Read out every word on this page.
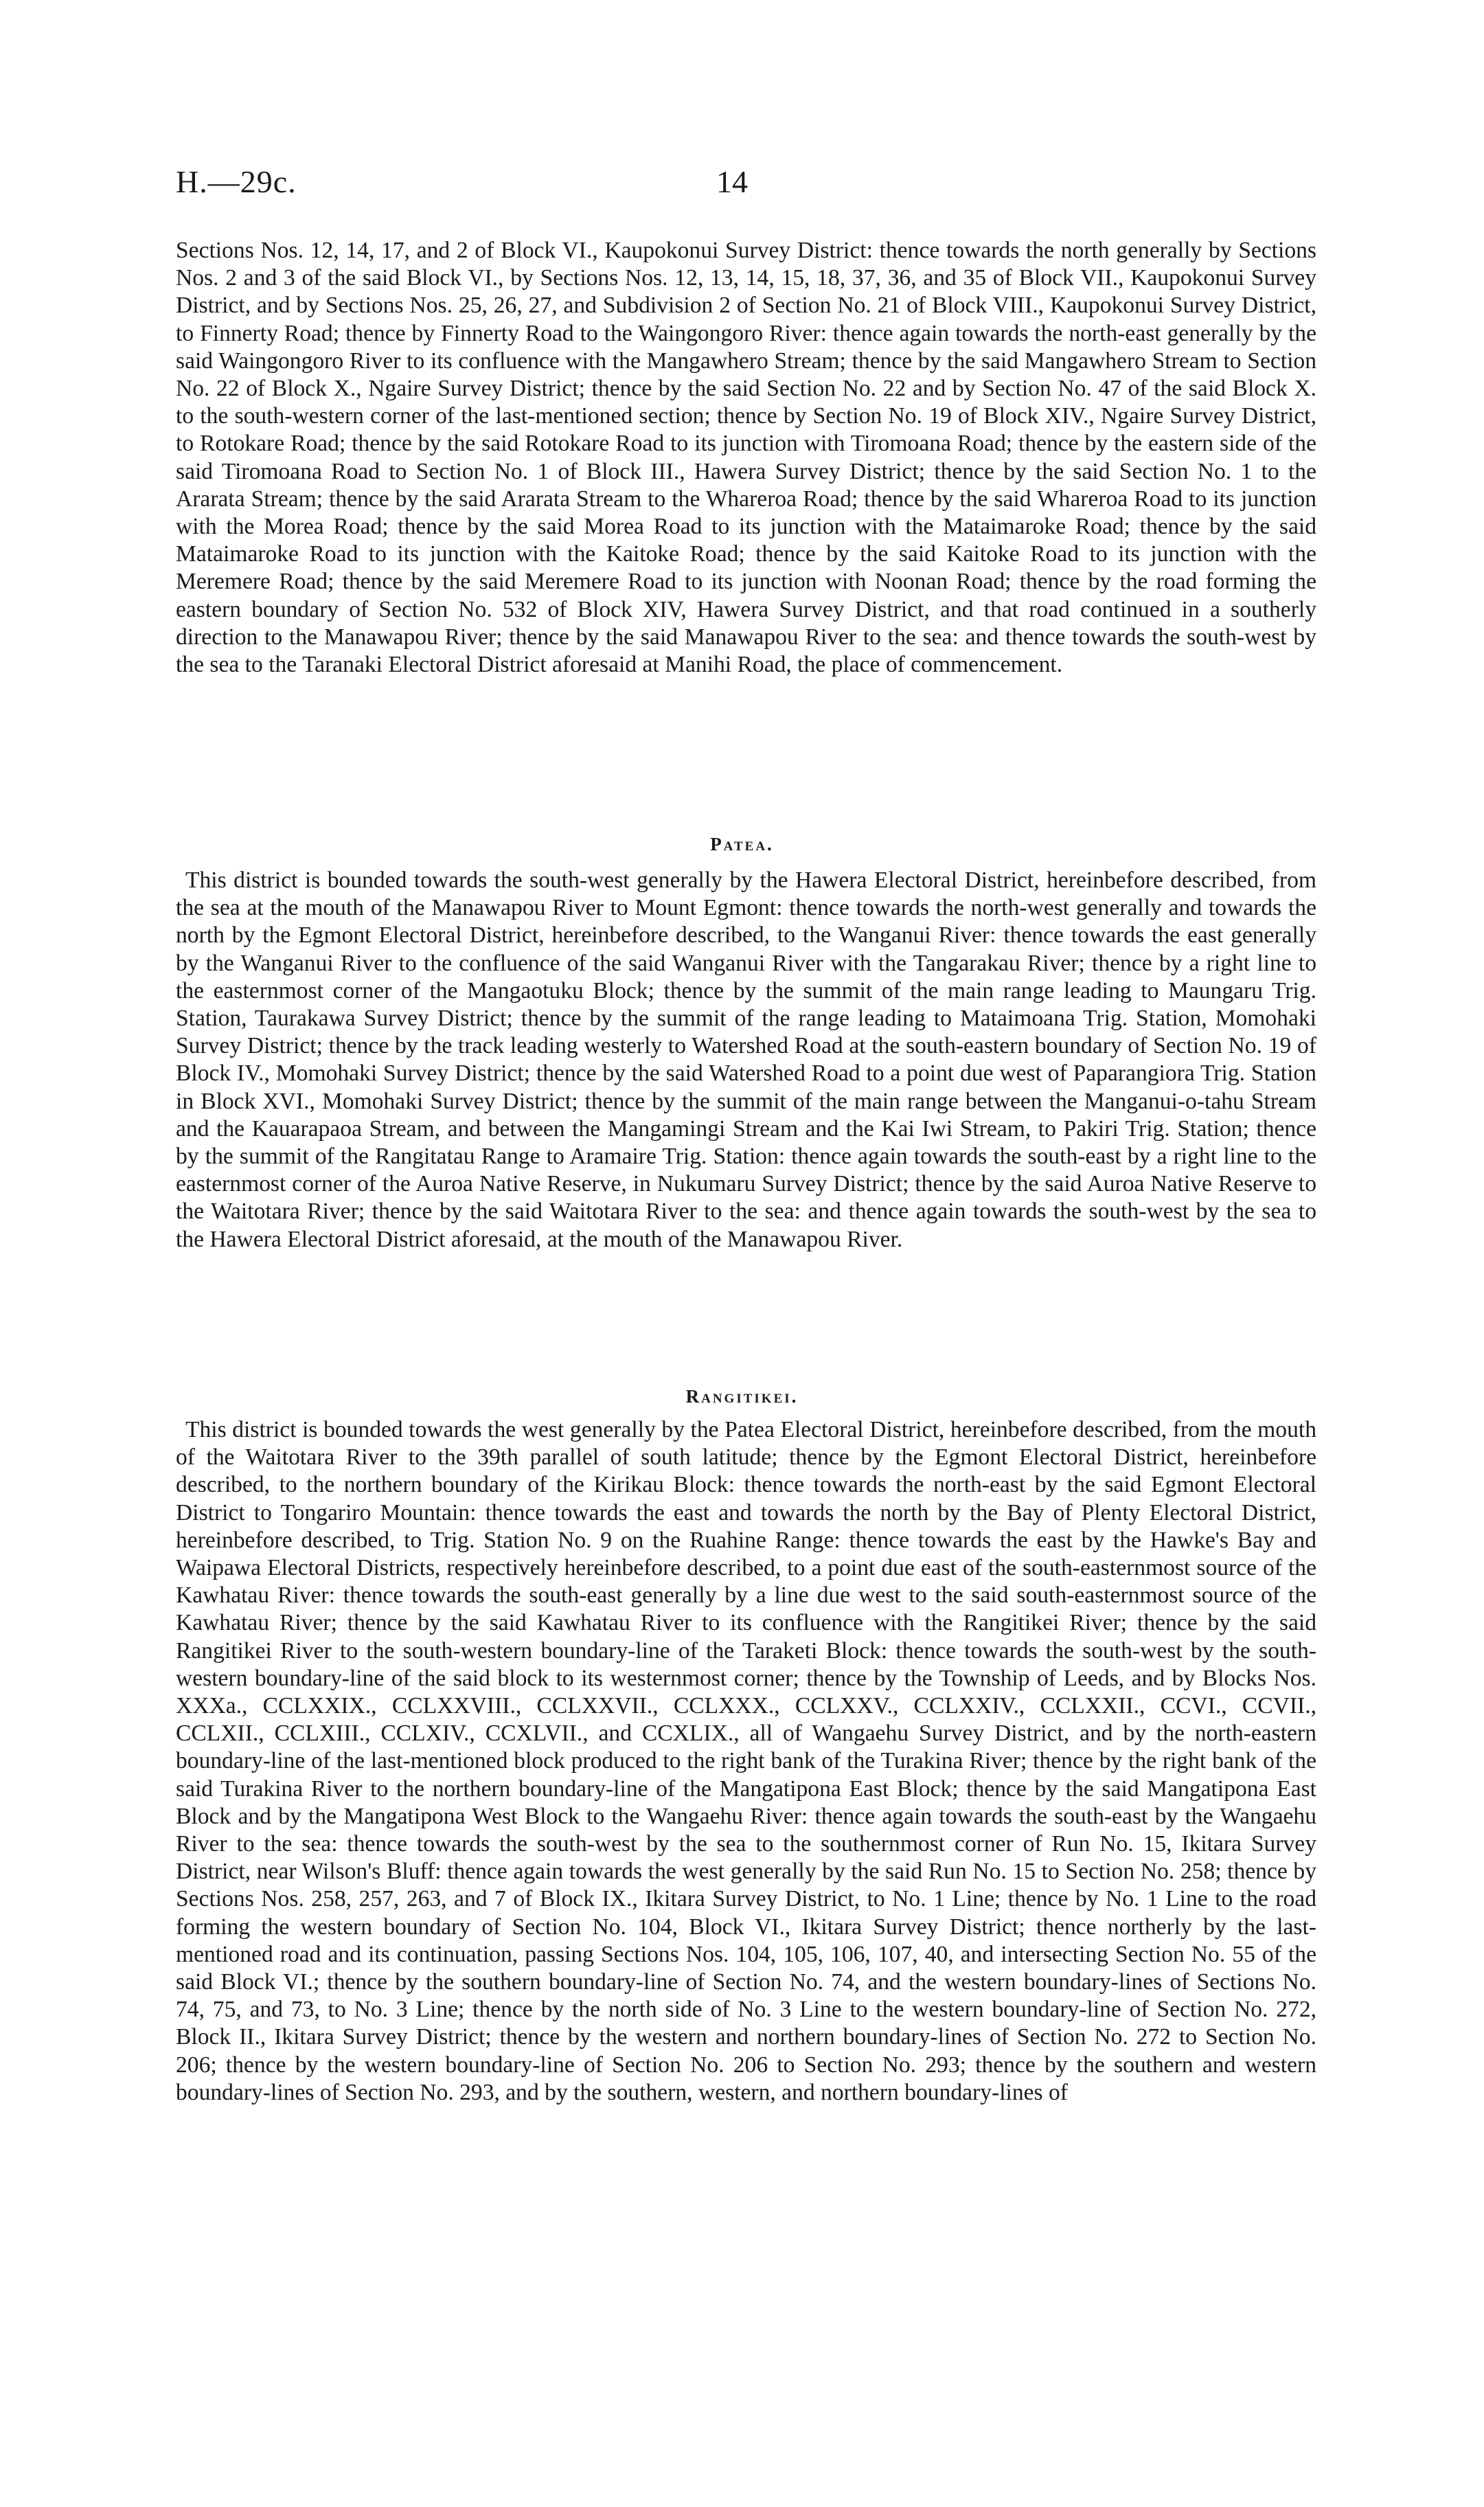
H.—29c.	14

Sections Nos. 12, 14, 17, and 2 of Block VI., Kaupokonui Survey District: thence towards the north generally by Sections Nos. 2 and 3 of the said Block VI., by Sections Nos. 12, 13, 14, 15, 18, 37, 36, and 35 of Block VII., Kaupokonui Survey District, and by Sections Nos. 25, 26, 27, and Subdivision 2 of Section No. 21 of Block VIII., Kaupokonui Survey District, to Finnerty Road; thence by Finnerty Road to the Waingongoro River: thence again towards the north-east generally by the said Waingongoro River to its confluence with the Mangawhero Stream; thence by the said Mangawhero Stream to Section No. 22 of Block X., Ngaire Survey District; thence by the said Section No. 22 and by Section No. 47 of the said Block X. to the south-western corner of the last-mentioned section; thence by Section No. 19 of Block XIV., Ngaire Survey District, to Rotokare Road; thence by the said Rotokare Road to its junction with Tiromoana Road; thence by the eastern side of the said Tiromoana Road to Section No. 1 of Block III., Hawera Survey District; thence by the said Section No. 1 to the Ararata Stream; thence by the said Ararata Stream to the Whareroa Road; thence by the said Whareroa Road to its junction with the Morea Road; thence by the said Morea Road to its junction with the Mataimaroke Road; thence by the said Mataimaroke Road to its junction with the Kaitoke Road; thence by the said Kaitoke Road to its junction with the Meremere Road; thence by the said Meremere Road to its junction with Noonan Road; thence by the road forming the eastern boundary of Section No. 532 of Block XIV, Hawera Survey District, and that road continued in a southerly direction to the Manawapou River; thence by the said Manawapou River to the sea: and thence towards the south-west by the sea to the Taranaki Electoral District aforesaid at Manihi Road, the place of commencement.

Patea.

This district is bounded towards the south-west generally by the Hawera Electoral District, hereinbefore described, from the sea at the mouth of the Manawapou River to Mount Egmont: thence towards the north-west generally and towards the north by the Egmont Electoral District, hereinbefore described, to the Wanganui River: thence towards the east generally by the Wanganui River to the confluence of the said Wanganui River with the Tangarakau River; thence by a right line to the easternmost corner of the Mangaotuku Block; thence by the summit of the main range leading to Maungaru Trig. Station, Taurakawa Survey District; thence by the summit of the range leading to Mataimoana Trig. Station, Momohaki Survey District; thence by the track leading westerly to Watershed Road at the south-eastern boundary of Section No. 19 of Block IV., Momohaki Survey District; thence by the said Watershed Road to a point due west of Paparangiora Trig. Station in Block XVI., Momohaki Survey District; thence by the summit of the main range between the Manganui-o-tahu Stream and the Kauarapaoa Stream, and between the Mangamingi Stream and the Kai Iwi Stream, to Pakiri Trig. Station; thence by the summit of the Rangitatau Range to Aramaire Trig. Station: thence again towards the south-east by a right line to the easternmost corner of the Auroa Native Reserve, in Nukumaru Survey District; thence by the said Auroa Native Reserve to the Waitotara River; thence by the said Waitotara River to the sea: and thence again towards the south-west by the sea to the Hawera Electoral District aforesaid, at the mouth of the Manawapou River.

Rangitikei.

This district is bounded towards the west generally by the Patea Electoral District, hereinbefore described, from the mouth of the Waitotara River to the 39th parallel of south latitude; thence by the Egmont Electoral District, hereinbefore described, to the northern boundary of the Kirikau Block: thence towards the north-east by the said Egmont Electoral District to Tongariro Mountain: thence towards the east and towards the north by the Bay of Plenty Electoral District, hereinbefore described, to Trig. Station No. 9 on the Ruahine Range: thence towards the east by the Hawke's Bay and Waipawa Electoral Districts, respectively hereinbefore described, to a point due east of the south-easternmost source of the Kawhatau River: thence towards the south-east generally by a line due west to the said south-easternmost source of the Kawhatau River; thence by the said Kawhatau River to its confluence with the Rangitikei River; thence by the said Rangitikei River to the south-western boundary-line of the Taraketi Block: thence towards the south-west by the south-western boundary-line of the said block to its westernmost corner; thence by the Township of Leeds, and by Blocks Nos. XXXa., CCLXXIX., CCLXXVIII., CCLXXVII., CCLXXX., CCLXXV., CCLXXIV., CCLXXII., CCVI., CCVII., CCLXII., CCLXIII., CCLXIV., CCXLVII., and CCXLIX., all of Wangaehu Survey District, and by the north-eastern boundary-line of the last-mentioned block produced to the right bank of the Turakina River; thence by the right bank of the said Turakina River to the northern boundary-line of the Mangatipona East Block; thence by the said Mangatipona East Block and by the Mangatipona West Block to the Wangaehu River: thence again towards the south-east by the Wangaehu River to the sea: thence towards the south-west by the sea to the southernmost corner of Run No. 15, Ikitara Survey District, near Wilson's Bluff: thence again towards the west generally by the said Run No. 15 to Section No. 258; thence by Sections Nos. 258, 257, 263, and 7 of Block IX., Ikitara Survey District, to No. 1 Line; thence by No. 1 Line to the road forming the western boundary of Section No. 104, Block VI., Ikitara Survey District; thence northerly by the last-mentioned road and its continuation, passing Sections Nos. 104, 105, 106, 107, 40, and intersecting Section No. 55 of the said Block VI.; thence by the southern boundary-line of Section No. 74, and the western boundary-lines of Sections No. 74, 75, and 73, to No. 3 Line; thence by the north side of No. 3 Line to the western boundary-line of Section No. 272, Block II., Ikitara Survey District; thence by the western and northern boundary-lines of Section No. 272 to Section No. 206; thence by the western boundary-line of Section No. 206 to Section No. 293; thence by the southern and western boundary-lines of Section No. 293, and by the southern, western, and northern boundary-lines of
